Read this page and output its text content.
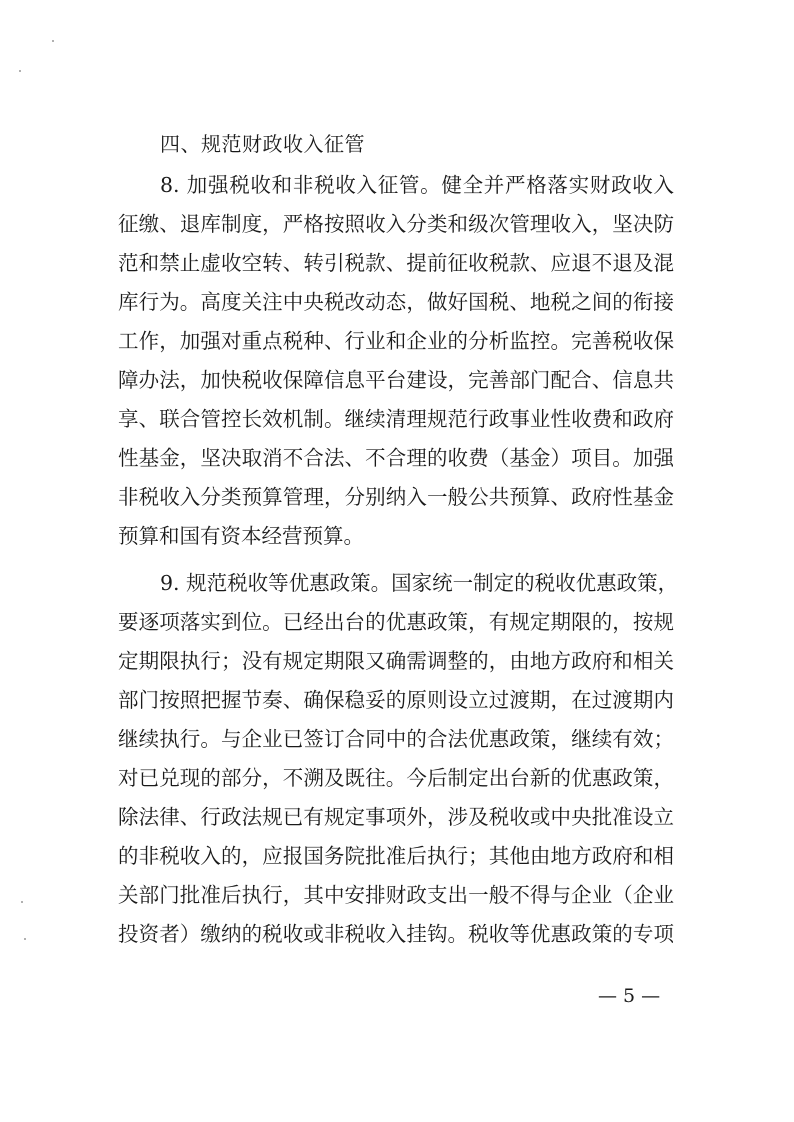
四、规范财政收入征管
8. 加强税收和非税收入征管。健全并严格落实财政收入
征缴、退库制度，严格按照收入分类和级次管理收入，坚决防
范和禁止虚收空转、转引税款、提前征收税款、应退不退及混
库行为。高度关注中央税改动态，做好国税、地税之间的衔接
工作，加强对重点税种、行业和企业的分析监控。完善税收保
障办法，加快税收保障信息平台建设，完善部门配合、信息共
享、联合管控长效机制。继续清理规范行政事业性收费和政府
性基金，坚决取消不合法、不合理的收费（基金）项目。加强
非税收入分类预算管理，分别纳入一般公共预算、政府性基金
预算和国有资本经营预算。
9. 规范税收等优惠政策。国家统一制定的税收优惠政策，
要逐项落实到位。已经出台的优惠政策，有规定期限的，按规
定期限执行；没有规定期限又确需调整的，由地方政府和相关
部门按照把握节奏、确保稳妥的原则设立过渡期，在过渡期内
继续执行。与企业已签订合同中的合法优惠政策，继续有效；
对已兑现的部分，不溯及既往。今后制定出台新的优惠政策，
除法律、行政法规已有规定事项外，涉及税收或中央批准设立
的非税收入的，应报国务院批准后执行；其他由地方政府和相
关部门批准后执行，其中安排财政支出一般不得与企业（企业
投资者）缴纳的税收或非税收入挂钩。税收等优惠政策的专项
— 5 —
